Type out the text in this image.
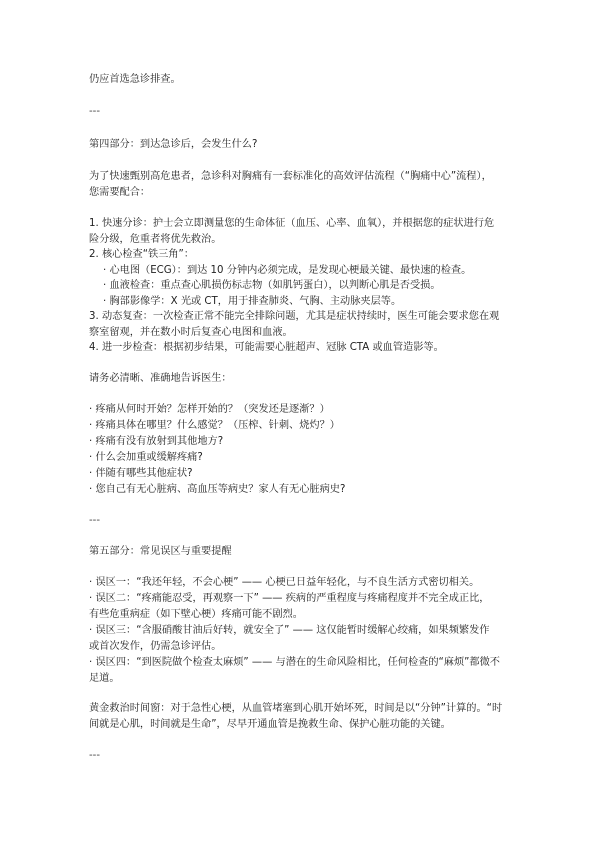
仍应首选急诊排查。
---
第四部分：到达急诊后，会发生什么?
为了快速甄别高危患者，急诊科对胸痛有一套标准化的高效评估流程（“胸痛中心”流程），
您需要配合：
1. 快速分诊：护士会立即测量您的生命体征（血压、心率、血氧），并根据您的症状进行危
险分级，危重者将优先救治。
2. 核心检查“铁三角”：
· 心电图（ECG）：到达 10 分钟内必须完成，是发现心梗最关键、最快速的检查。
· 血液检查：重点查心肌损伤标志物（如肌钙蛋白），以判断心肌是否受损。
· 胸部影像学：X 光或 CT，用于排查肺炎、气胸、主动脉夹层等。
3. 动态复查：一次检查正常不能完全排除问题，尤其是症状持续时，医生可能会要求您在观
察室留观，并在数小时后复查心电图和血液。
4. 进一步检查：根据初步结果，可能需要心脏超声、冠脉 CTA 或血管造影等。
请务必清晰、准确地告诉医生：
· 疼痛从何时开始？怎样开始的？（突发还是逐渐？）
· 疼痛具体在哪里？什么感觉？（压榨、针刺、烧灼？）
· 疼痛有没有放射到其他地方?
· 什么会加重或缓解疼痛?
· 伴随有哪些其他症状?
· 您自己有无心脏病、高血压等病史？家人有无心脏病史?
---
第五部分：常见误区与重要提醒
· 误区一：“我还年轻，不会心梗” —— 心梗已日益年轻化，与不良生活方式密切相关。
· 误区二：“疼痛能忍受，再观察一下” —— 疾病的严重程度与疼痛程度并不完全成正比，
有些危重病症（如下壁心梗）疼痛可能不剧烈。
· 误区三：“含服硝酸甘油后好转，就安全了” —— 这仅能暂时缓解心绞痛，如果频繁发作
或首次发作，仍需急诊评估。
· 误区四：“到医院做个检查太麻烦” —— 与潜在的生命风险相比，任何检查的“麻烦”都微不
足道。
黄金救治时间窗：对于急性心梗，从血管堵塞到心肌开始坏死，时间是以“分钟”计算的。“时
间就是心肌，时间就是生命”，尽早开通血管是挽救生命、保护心脏功能的关键。
---
